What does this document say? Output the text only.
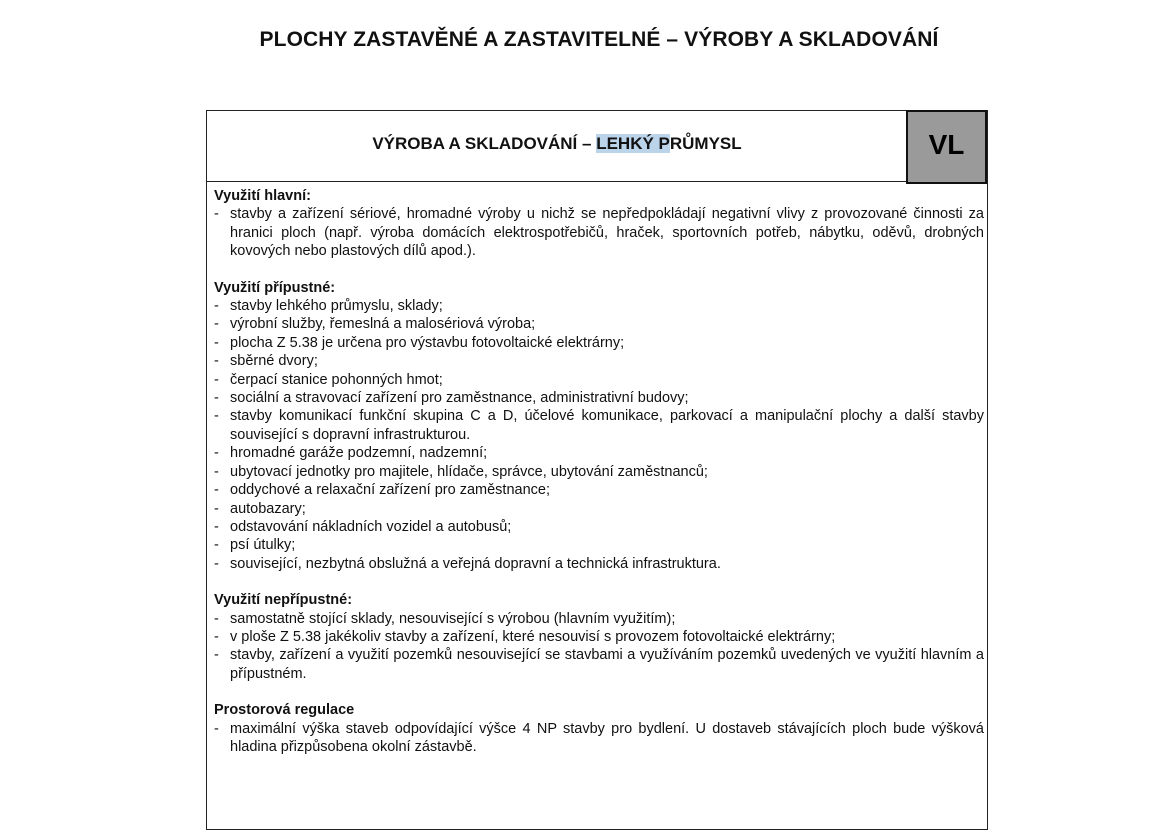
PLOCHY ZASTAVĚNÉ A ZASTAVITELNÉ – VÝROBY A SKLADOVÁNÍ
VÝROBA A SKLADOVÁNÍ – LEHKÝ PRŮMYSL	VL

Využití hlavní:

- stavby a zařízení sériové, hromadné výroby u nichž se nepředpokládají negativní vlivy z provozované činnosti za hranici ploch (např. výroba domácích elektrospotřebičů, hraček, sportovních potřeb, nábytku, oděvů, drobných kovových nebo plastových dílů apod.).

Využití přípustné:

- stavby lehkého průmyslu, sklady;
- výrobní služby, řemeslná a malosériová výroba;
- plocha Z 5.38 je určena pro výstavbu fotovoltaické elektrárny;
- sběrné dvory;
- čerpací stanice pohonných hmot;
- sociální a stravovací zařízení pro zaměstnance, administrativní budovy;
- stavby komunikací funkční skupina C a D, účelové komunikace, parkovací a manipulační plochy a další stavby související s dopravní infrastrukturou.
- hromadné garáže podzemní, nadzemní;
- ubytovací jednotky pro majitele, hlídače, správce, ubytování zaměstnanců;
- oddychové a relaxační zařízení pro zaměstnance;
- autobazary;
- odstavování nákladních vozidel a autobusů;
- psí útulky;
- související, nezbytná obslužná a veřejná dopravní a technická infrastruktura.

Využití nepřípustné:

- samostatně stojící sklady, nesouvisející s výrobou (hlavním využitím);
- v ploše Z 5.38 jakékoliv stavby a zařízení, které nesouvisí s provozem fotovoltaické elektrárny;
- stavby, zařízení a využití pozemků nesouvisející se stavbami a využíváním pozemků uvedených ve využití hlavním a přípustném.

Prostorová regulace

- maximální výška staveb odpovídající výšce 4 NP stavby pro bydlení. U dostaveb stávajících ploch bude výšková hladina přizpůsobena okolní zástavbě.
